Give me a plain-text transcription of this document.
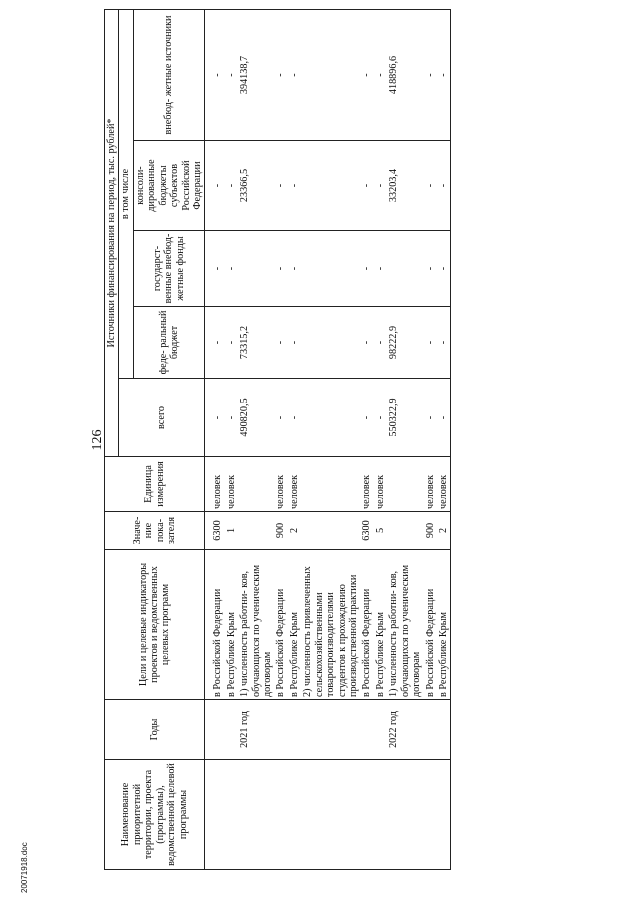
20071918.doc
126
Наименование приоритетной территории, проекта (программы), ведомственной целевой программы	Годы	Цели и целевые индикаторы проектов и ведомственных целевых программ	Значе- ние пока- зателя	Единица измерения	Источники финансирования на период, тыс. рублей*				
					всего	в том числе			
						феде- ральный бюджет	государст- венные внебюд- жетные фонды	консоли- дированные бюджеты субъектов Российской Федерации	внебюд- жетные источники

		в Российской Федерации	6300	человек	-	-	-	-	-
		в Республике Крым	1	человек	-	-	-	-	-
	2021 год	1) численность работни- ков, обучающихся по ученическим договорам			490820,5	73315,2		23366,5	394138,7
		в Российской Федерации	900	человек	-	-	-	-	-
		в Республике Крым	2	человек	-	-	-	-	-
		2) численность привлеченных сельскохозяйственными товаропроизводителями студентов к прохождению производственной практики							
		в Российской Федерации	6300	человек	-	-	-	-	-
		в Республике Крым	5	человек	-	-	-	-	-
	2022 год	1) численность работни- ков, обучающихся по ученическим договорам			550322,9	98222,9		33203,4	418896,6
		в Российской Федерации	900	человек	-	-	-	-	-
		в Республике Крым	2	человек	-	-	-	-	-
